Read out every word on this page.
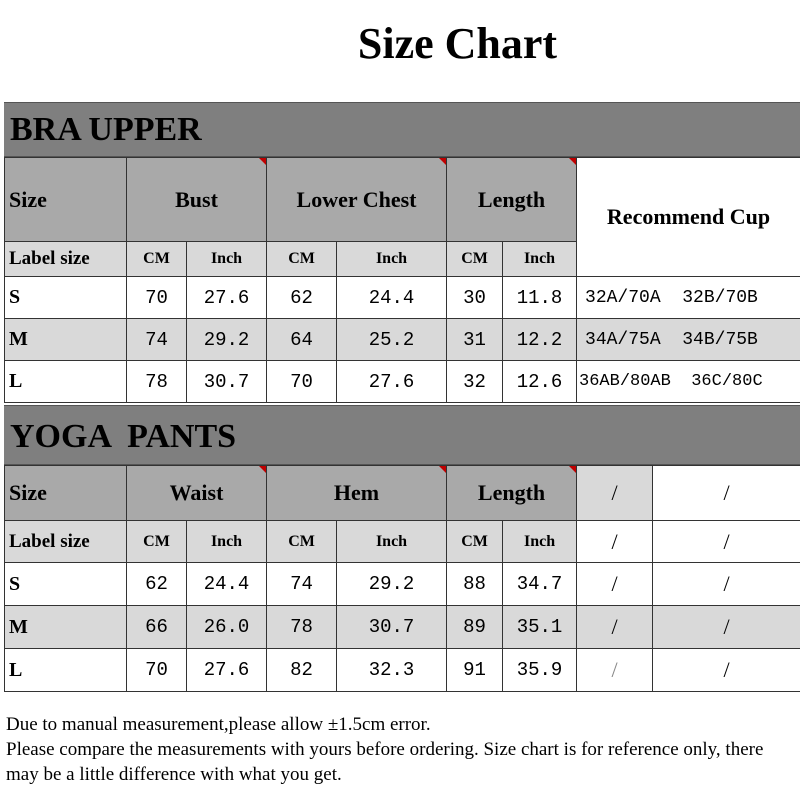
Size Chart
BRA UPPER
Size	Bust		Lower Chest		Length		Recommend Cup
Label size	CM	Inch	CM	Inch	CM	Inch	
S	70	27.6	62	24.4	30	11.8	32A/70A  32B/70B
M	74	29.2	64	25.2	31	12.2	34A/75A  34B/75B
L	78	30.7	70	27.6	32	12.6	36AB/80AB  36C/80C
YOGA  PANTS
Size	Waist		Hem		Length		/	/
Label size	CM	Inch	CM	Inch	CM	Inch	/	/
S	62	24.4	74	29.2	88	34.7	/	/
M	66	26.0	78	30.7	89	35.1	/	/
L	70	27.6	82	32.3	91	35.9	/	/
Due to manual measurement,please allow ±1.5cm error.
Please compare the measurements with yours before ordering. Size chart is for reference only, there may be a little difference with what you get.
